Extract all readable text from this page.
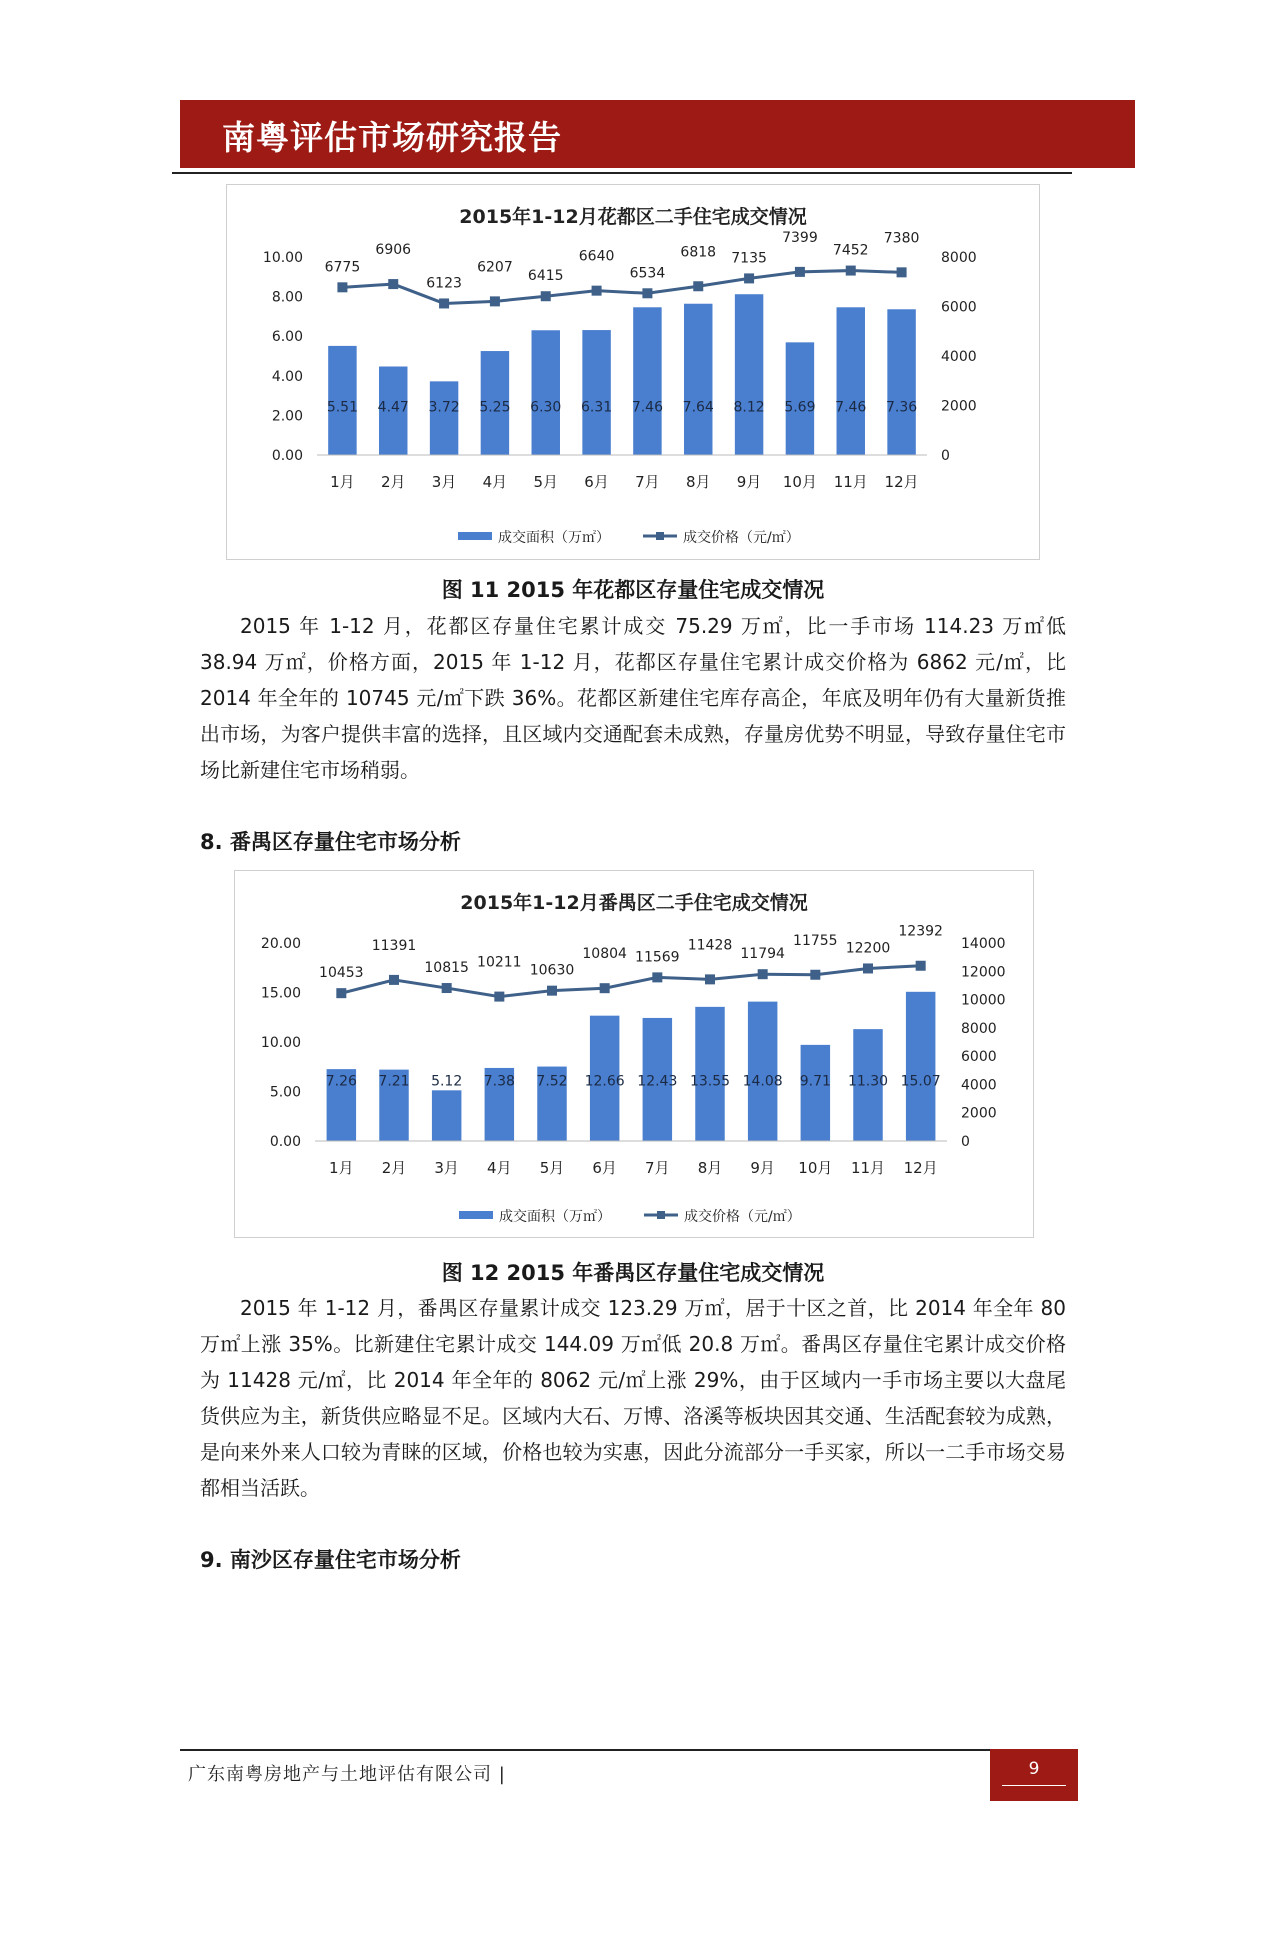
南粤评估市场研究报告
2015年1-12月花都区二手住宅成交情况
0.00
2.00
4.00
6.00
8.00
10.00
0
2000
4000
6000
8000
5.51 4.47 3.72 5.25 6.30 6.31 7.46 7.64 8.12 5.69 7.46 7.36
1月 2月 3月 4月 5月 6月 7月 8月 9月 10月 11月 12月
6775
6906
6123
6207
6415
6640
6534
6818 7135
7399
7452
7380
成交面积（万㎡）	成交价格（元/㎡）
图 11 2015 年花都区存量住宅成交情况
2015 年 1-12 月，花都区存量住宅累计成交 75.29 万㎡，比一手市场 114.23 万㎡低 38.94 万㎡，价格方面，2015 年 1-12 月，花都区存量住宅累计成交价格为 6862 元/㎡，比 2014 年全年的 10745 元/㎡下跌 36%。花都区新建住宅库存高企，年底及明年仍有大量新货推出市场，为客户提供丰富的选择，且区域内交通配套未成熟，存量房优势不明显，导致存量住宅市场比新建住宅市场稍弱。
8. 番禺区存量住宅市场分析
2015年1-12月番禺区二手住宅成交情况
0.00
5.00
10.00
15.00
20.00
0
2000
4000
6000
8000
10000
12000
14000
7.26 7.21 5.12 7.38 7.52 12.66 12.43 13.55 14.08 9.71 11.30 15.07
1月 2月 3月 4月 5月 6月 7月 8月 9月 10月 11月 12月
10453
11391
10815 10211
10630
10804 11569
11428
11794
11755 12200
12392
成交面积（万㎡）	成交价格（元/㎡）
图 12 2015 年番禺区存量住宅成交情况
2015 年 1-12 月，番禺区存量累计成交 123.29 万㎡，居于十区之首，比 2014 年全年 80 万㎡上涨 35%。比新建住宅累计成交 144.09 万㎡低 20.8 万㎡。番禺区存量住宅累计成交价格为 11428 元/㎡，比 2014 年全年的 8062 元/㎡上涨 29%，由于区域内一手市场主要以大盘尾货供应为主，新货供应略显不足。区域内大石、万博、洛溪等板块因其交通、生活配套较为成熟，是向来外来人口较为青睐的区域，价格也较为实惠，因此分流部分一手买家，所以一二手市场交易都相当活跃。
9. 南沙区存量住宅市场分析
广东南粤房地产与土地评估有限公司 |	9
